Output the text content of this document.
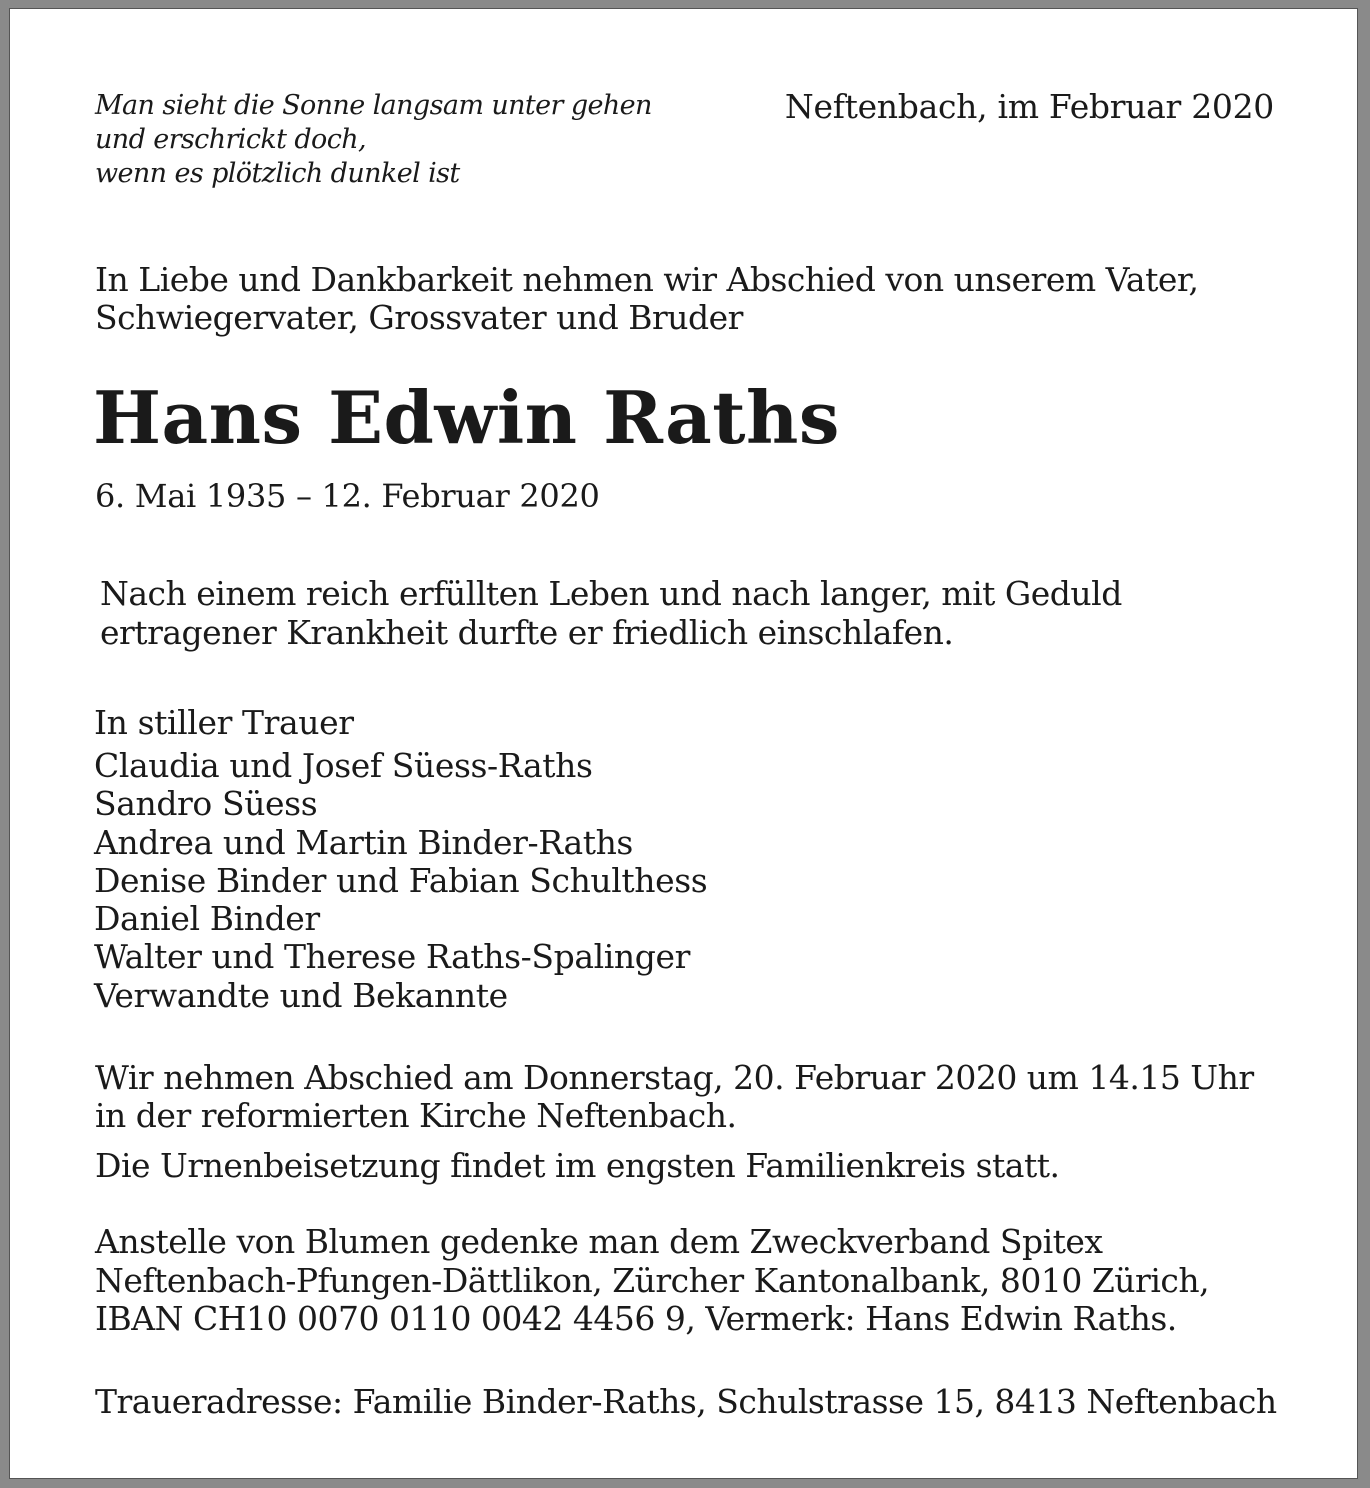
Man sieht die Sonne langsam unter gehen
und erschrickt doch,
wenn es plötzlich dunkel ist
Neftenbach, im Februar 2020
In Liebe und Dankbarkeit nehmen wir Abschied von unserem Vater,
Schwiegervater, Grossvater und Bruder
Hans Edwin Raths
6. Mai 1935 – 12. Februar 2020
Nach einem reich erfüllten Leben und nach langer, mit Geduld
ertragener Krankheit durfte er friedlich einschlafen.
In stiller Trauer
Claudia und Josef Süess-Raths
Sandro Süess
Andrea und Martin Binder-Raths
Denise Binder und Fabian Schulthess
Daniel Binder
Walter und Therese Raths-Spalinger
Verwandte und Bekannte
Wir nehmen Abschied am Donnerstag, 20. Februar 2020 um 14.15 Uhr
in der reformierten Kirche Neftenbach.
Die Urnenbeisetzung findet im engsten Familienkreis statt.
Anstelle von Blumen gedenke man dem Zweckverband Spitex
Neftenbach-Pfungen-Dättlikon, Zürcher Kantonalbank, 8010 Zürich,
IBAN CH10 0070 0110 0042 4456 9, Vermerk: Hans Edwin Raths.
Traueradresse: Familie Binder-Raths, Schulstrasse 15, 8413 Neftenbach
